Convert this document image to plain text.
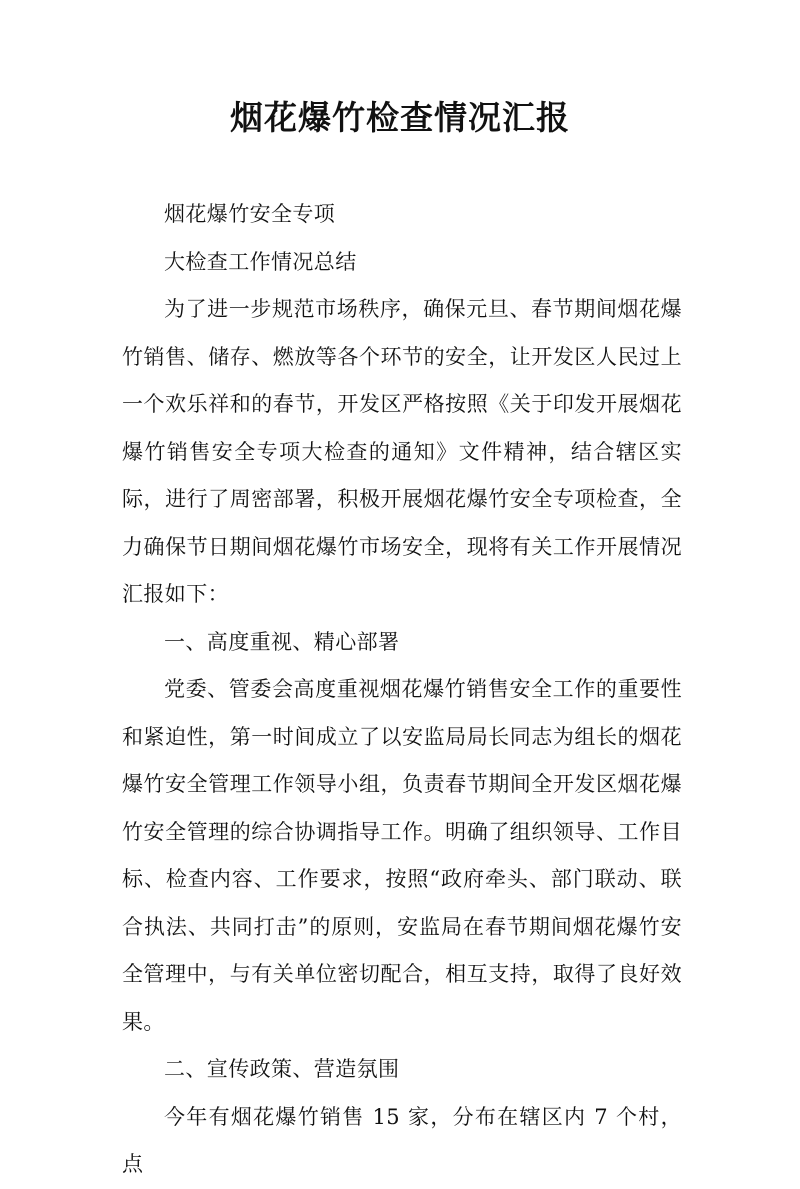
烟花爆竹检查情况汇报

烟花爆竹安全专项

大检查工作情况总结

为了进一步规范市场秩序，确保元旦、春节期间烟花爆竹销售、储存、燃放等各个环节的安全，让开发区人民过上一个欢乐祥和的春节，开发区严格按照《关于印发开展烟花爆竹销售安全专项大检查的通知》文件精神，结合辖区实际，进行了周密部署，积极开展烟花爆竹安全专项检查，全力确保节日期间烟花爆竹市场安全，现将有关工作开展情况汇报如下：

一、高度重视、精心部署

党委、管委会高度重视烟花爆竹销售安全工作的重要性和紧迫性，第一时间成立了以安监局局长同志为组长的烟花爆竹安全管理工作领导小组，负责春节期间全开发区烟花爆竹安全管理的综合协调指导工作。明确了组织领导、工作目标、检查内容、工作要求，按照“政府牵头、部门联动、联合执法、共同打击”的原则，安监局在春节期间烟花爆竹安全管理中，与有关单位密切配合，相互支持，取得了良好效果。

二、宣传政策、营造氛围

今年有烟花爆竹销售 15 家，分布在辖区内 7 个村，点
